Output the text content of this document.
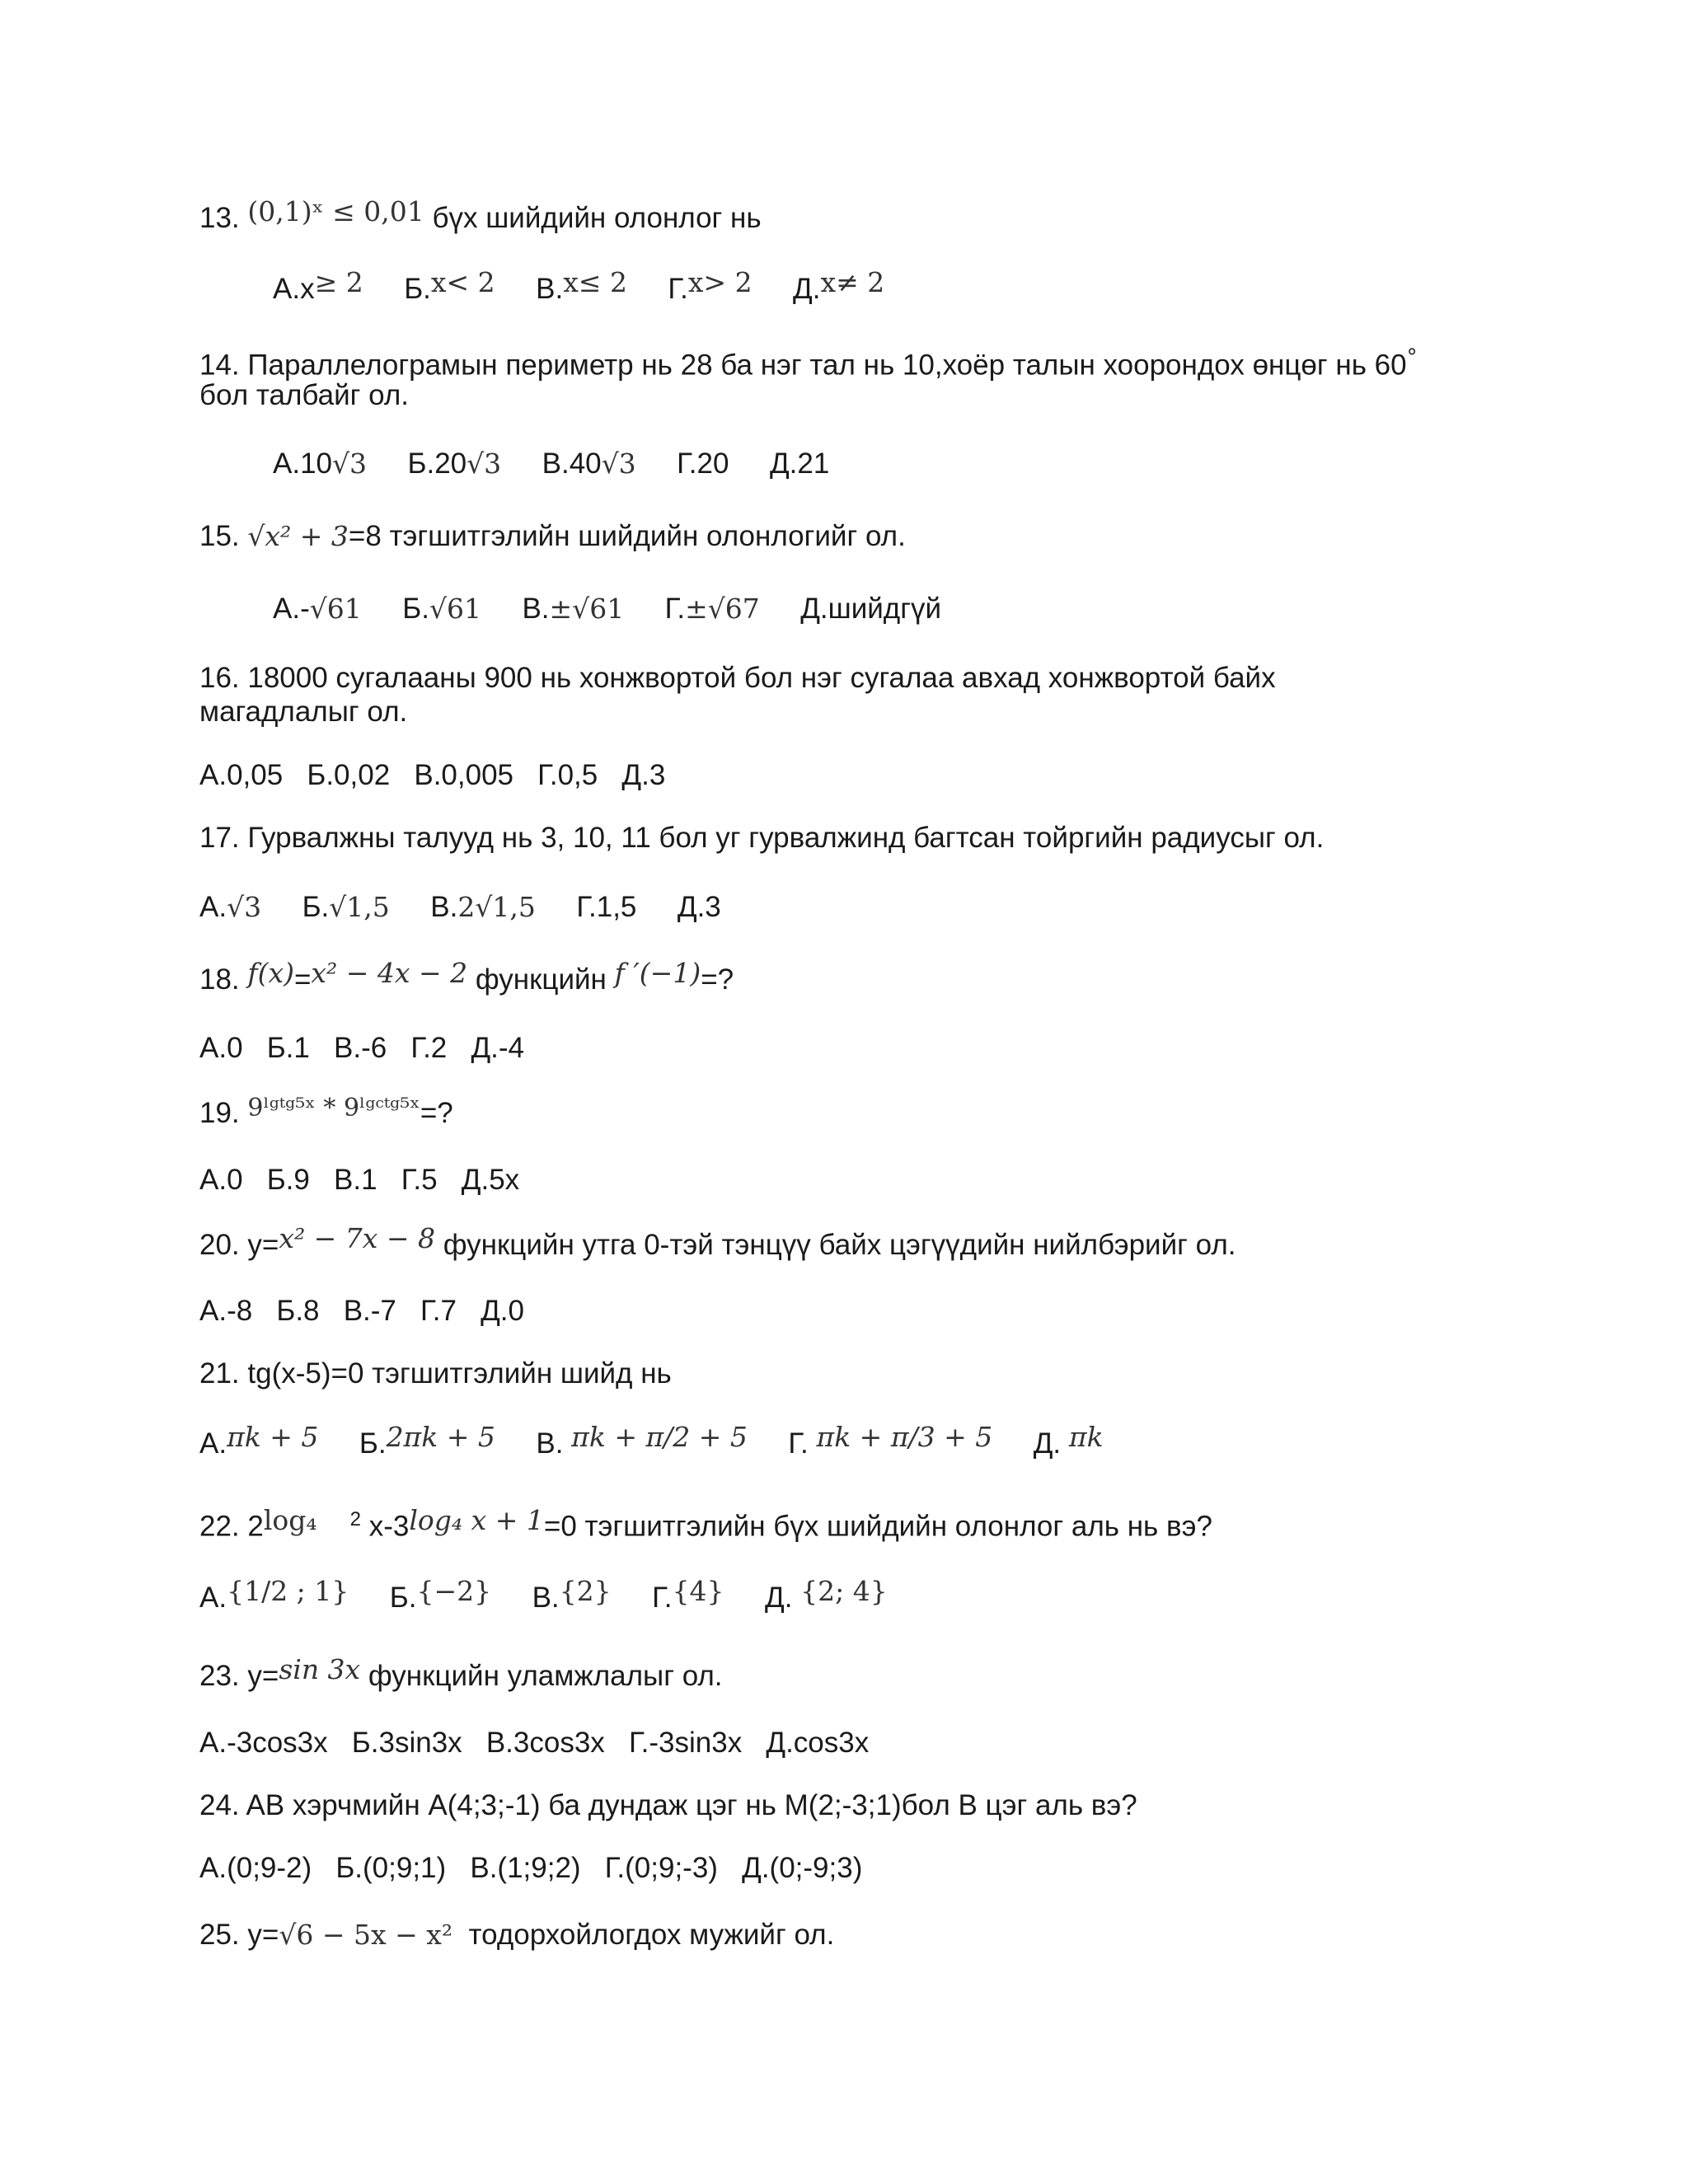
13. (0,1)ˣ ≤ 0,01 бүх шийдийн олонлог нь
А.x≥ 2 Б.x< 2 В.x≤ 2 Г.x> 2 Д.x≠ 2
14. Параллелограмын периметр нь 28 ба нэг тал нь 10,хоёр талын хоорондох өнцөг нь 60°
бол талбайг ол.
А.10√3 Б.20√3 В.40√3 Г.20 Д.21
15. √x² + 3=8 тэгшитгэлийн шийдийн олонлогийг ол.
А.-√61 Б.√61 В.±√61 Г.±√67 Д.шийдгүй
16. 18000 сугалааны 900 нь хонжвортой бол нэг сугалаа авхад хонжвортой байх
магадлалыг ол.
А.0,05   Б.0,02   В.0,005   Г.0,5   Д.3
17. Гурвалжны талууд нь 3, 10, 11 бол уг гурвалжинд багтсан тойргийн радиусыг ол.
А.√3 Б.√1,5 В.2√1,5 Г.1,5 Д.3
18. f(x)=x² − 4x − 2 функцийн f ′(−1)=?
А.0   Б.1   В.-6   Г.2   Д.-4
19. 9ˡᵍᵗᵍ⁵ˣ * 9ˡᵍᶜᵗᵍ⁵ˣ=?
А.0   Б.9   В.1   Г.5   Д.5x
20. y=x² − 7x − 8 функцийн утга 0-тэй тэнцүү байх цэгүүдийн нийлбэрийг ол.
А.-8   Б.8   В.-7   Г.7   Д.0
21. tg(x-5)=0 тэгшитгэлийн шийд нь
А.πk + 5 Б.2πk + 5 В. πk + π/2 + 5 Г. πk + π/3 + 5 Д. πk
22. 2log₄ $^2$ x-3log₄ x + 1=0 тэгшитгэлийн бүх шийдийн олонлог аль нь вэ?
А.{1/2 ; 1} Б.{−2} В.{2} Г.{4} Д. {2; 4}
23. y=sin 3x функцийн уламжлалыг ол.
А.-3cos3x   Б.3sin3x   В.3cos3x   Г.-3sin3x   Д.cos3x
24. AB хэрчмийн A(4;3;-1) ба дундаж цэг нь M(2;-3;1)бол B цэг аль вэ?
А.(0;9-2)   Б.(0;9;1)   В.(1;9;2)   Г.(0;9;-3)   Д.(0;-9;3)
25. y=√6 − 5x − x²  тодорхойлогдох мужийг ол.
